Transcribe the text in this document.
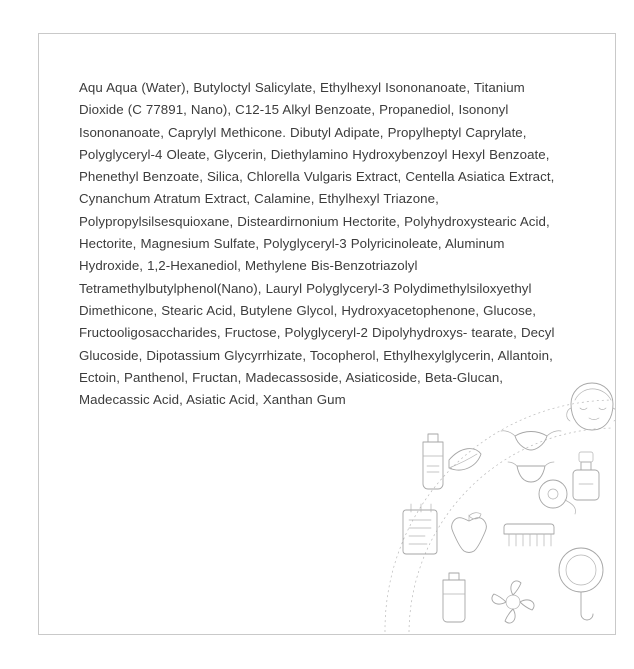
Aqu Aqua (Water), Butyloctyl Salicylate, Ethylhexyl Isononanoate, Titanium Dioxide (C 77891, Nano), C12-15 Alkyl Benzoate, Propanediol, Isononyl Isononanoate, Caprylyl Methicone. Dibutyl Adipate, Propylheptyl Caprylate, Polyglyceryl-4 Oleate, Glycerin, Diethylamino Hydroxybenzoyl Hexyl Benzoate, Phenethyl Benzoate, Silica, Chlorella Vulgaris Extract, Centella Asiatica Extract, Cynanchum Atratum Extract, Calamine, Ethylhexyl Triazone, Polypropylsilsesquioxane, Disteardirnonium Hectorite, Polyhydroxystearic Acid, Hectorite, Magnesium Sulfate, Polyglyceryl-3 Polyricinoleate, Aluminum Hydroxide, 1,2-Hexanediol, Methylene Bis-Benzotriazolyl Tetramethylbutylphenol(Nano), Lauryl Polyglyceryl-3 Polydimethylsiloxyethyl Dimethicone, Stearic Acid, Butylene Glycol, Hydroxyacetophenone, Glucose, Fructooligosaccharides, Fructose, Polyglyceryl-2 Dipolyhydroxys- tearate, Decyl Glucoside, Dipotassium Glycyrrhizate, Tocopherol, Ethylhexylglycerin, Allantoin, Ectoin, Panthenol, Fructan, Madecassoside, Asiaticoside, Beta-Glucan, Madecassic Acid, Asiatic Acid, Xanthan Gum
